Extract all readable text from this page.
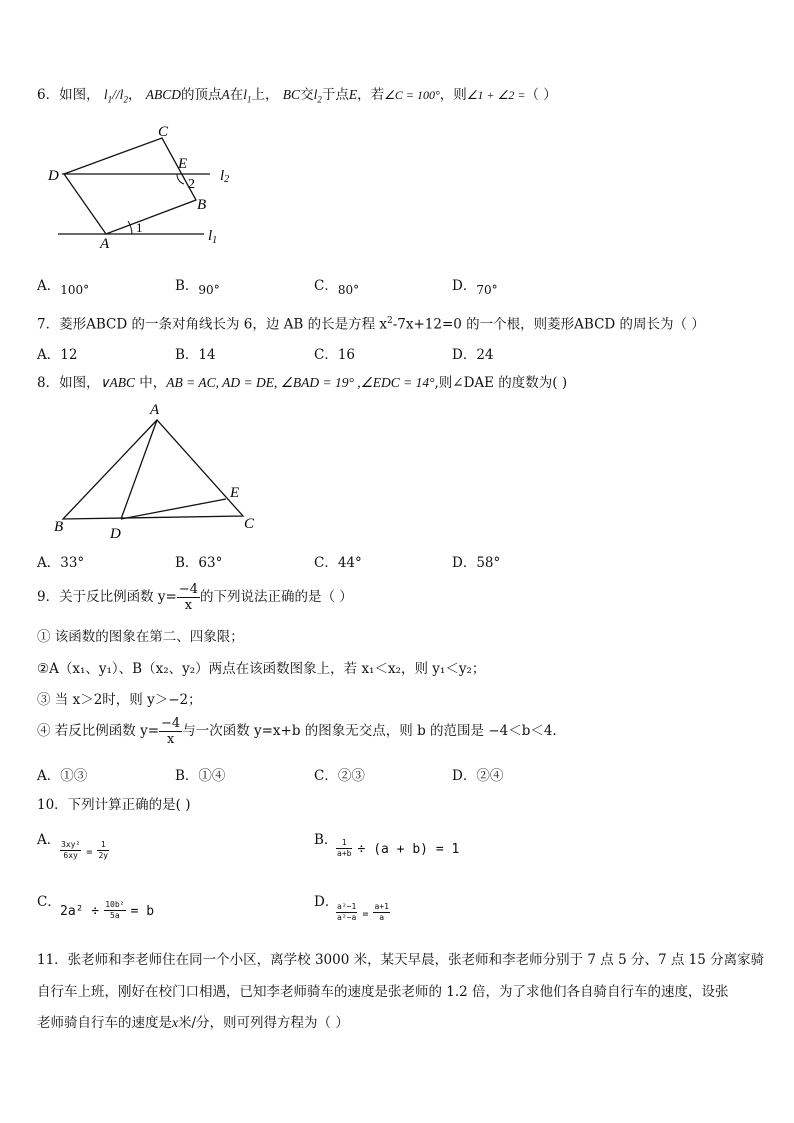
6．如图， $l_1//l_2$， ABCD的顶点A在$l_1$上， BC交$l_2$于点E，若∠C = 100°，则∠1 + ∠2 =（ ）
C
D
E
2
B
A
1
l2
$l_1$
A．100°	B．90°	C．80°	D．70°
7．菱形ABCD 的一条对角线长为 6，边 AB 的长是方程 $x^2-7x+12=0$ 的一个根，则菱形ABCD 的周长为（ ）
A．12	B．14	C．16	D．24
8．如图，∨ABC 中，AB = AC, AD = DE, ∠BAD = 19° ,∠EDC = 14°,则∠DAE 的度数为( )
A
E
B	D
C
A．33°	B．63°	C．44°	D．58°
9．关于反比例函数 $y= \frac{-4}{x}$ 的下列说法正确的是（ ）
① 该函数的图象在第二、四象限；
②A（x₁、y₁）、B（x₂、y₂）两点在该函数图象上，若 x₁＜x₂，则 y₁＜y₂；
③ 当 x＞2时，则 y＞−2；
④ 若反比例函数 $y= \frac{-4}{x}$ 与一次函数 y=x+b 的图象无交点，则 b 的范围是 −4＜b＜4.
A．①③	B．①④	C．②③	D．②④
10．下列计算正确的是( )
A． $\frac{\text{3xy²}}{6xy} = \frac{1}{2y}$	B．
$\frac{1}{a+b} \div (a + b) = 1$
C．
$2a^2 \div \frac{\text{10b²}}{5a} = b$
D．
$\frac{\text{a²−1}}{\text{a²−a}} = \frac{a+1}{a}$
11．张老师和李老师住在同一个小区，离学校 3000 米，某天早晨，张老师和李老师分别于 7 点 5 分、7 点 15 分离家骑
自行车上班，刚好在校门口相遇，已知李老师骑车的速度是张老师的 1.2 倍，为了求他们各自骑自行车的速度，设张
老师骑自行车的速度是x米/分，则可列得方程为（ ）
